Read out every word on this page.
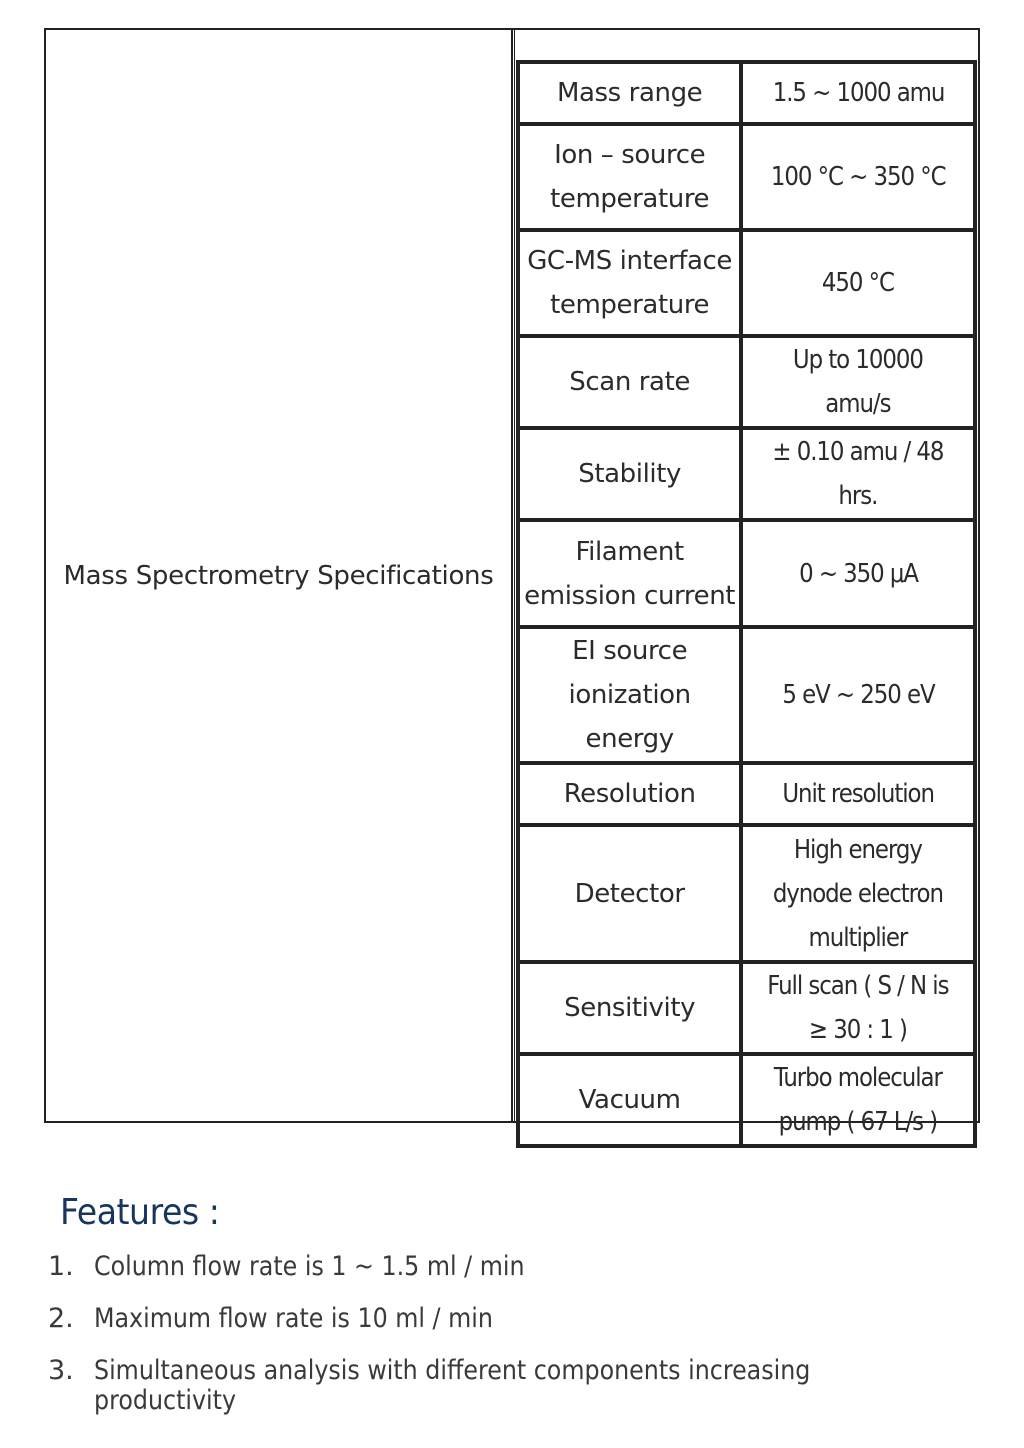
Mass Spectrometry Specifications
Mass range	1.5 ~ 1000 amu
Ion – source temperature	100 °C ~ 350 °C
GC-MS interface temperature	450 °C
Scan rate	Up to 10000 amu/s
Stability	± 0.10 amu / 48 hrs.
Filament emission current	0 ~ 350 μA
EI source ionization energy	5 eV ~ 250 eV
Resolution	Unit resolution
Detector	High energy dynode electron multiplier
Sensitivity	Full scan ( S / N is ≥ 30 : 1 )
Vacuum	Turbo molecular pump ( 67 L/s )
Features :
1. Column flow rate is 1 ~ 1.5 ml / min
2. Maximum flow rate is 10 ml / min
3. Simultaneous analysis with different components increasing productivity
